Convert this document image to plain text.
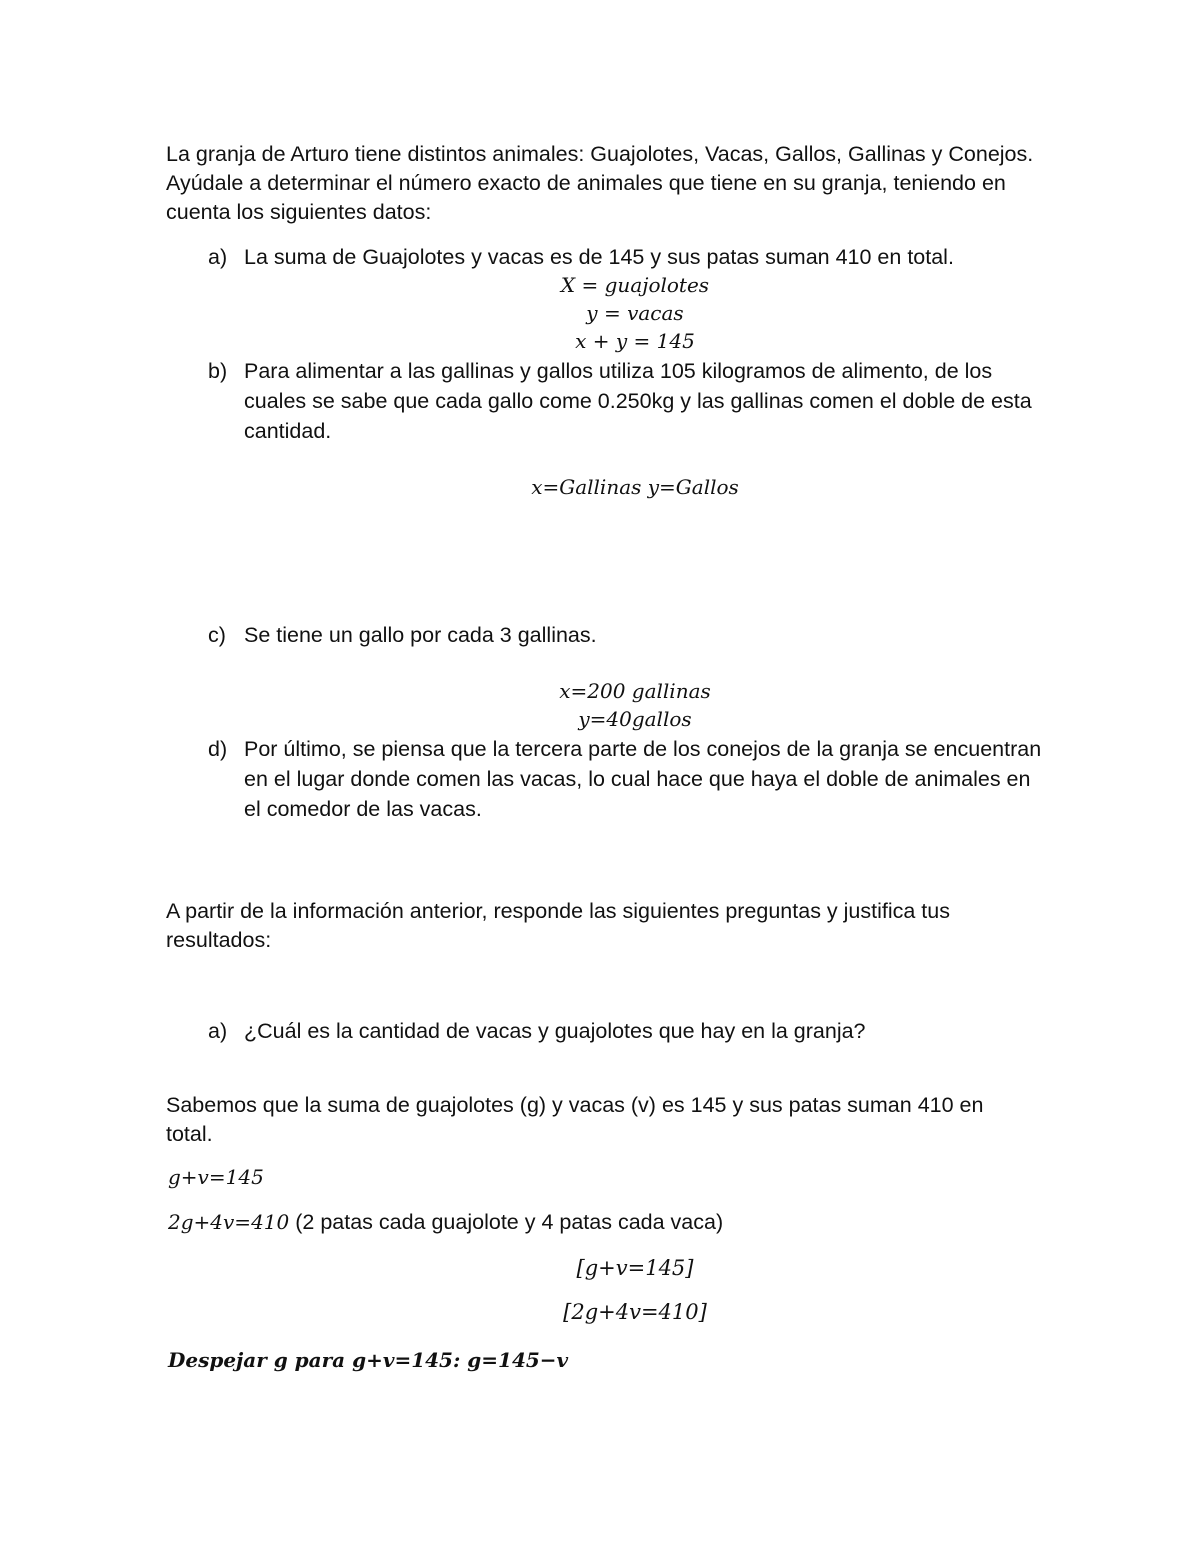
La granja de Arturo tiene distintos animales: Guajolotes, Vacas, Gallos, Gallinas y Conejos. Ayúdale a determinar el número exacto de animales que tiene en su granja, teniendo en cuenta los siguientes datos:
a) La suma de Guajolotes y vacas es de 145 y sus patas suman 410 en total.
X = guajolotes
y = vacas
x + y = 145
b) Para alimentar a las gallinas y gallos utiliza 105 kilogramos de alimento, de los cuales se sabe que cada gallo come 0.250kg y las gallinas comen el doble de esta cantidad.
x=Gallinas y=Gallos
c) Se tiene un gallo por cada 3 gallinas.
x=200 gallinas
y=40gallos
d) Por último, se piensa que la tercera parte de los conejos de la granja se encuentran en el lugar donde comen las vacas, lo cual hace que haya el doble de animales en el comedor de las vacas.
A partir de la información anterior, responde las siguientes preguntas y justifica tus resultados:
a) ¿Cuál es la cantidad de vacas y guajolotes que hay en la granja?
Sabemos que la suma de guajolotes (g) y vacas (v) es 145 y sus patas suman 410 en total.
g+v=145
2g+4v=410 (2 patas cada guajolote y 4 patas cada vaca)
[g+v=145]
[2g+4v=410]
Despejar g para g+v=145: g=145−v
